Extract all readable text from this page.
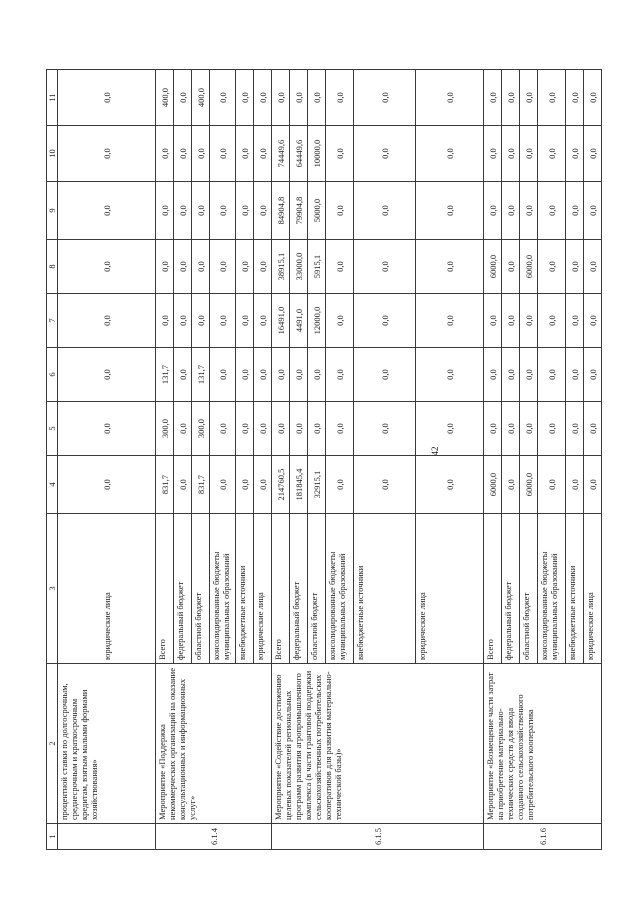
42
1	2	3	4	5	6	7	8	9	10	11
	процентной ставки по долгосрочным, среднесрочным и краткосрочным кредитам, взятым малыми формами хозяйствования»	юридические лица	0,0	0,0	0,0	0,0	0,0	0,0	0,0	0,0
6.1.4	Мероприятие «Поддержка некоммерческих организаций на оказание консультационных и информационных услуг»	Всего	831,7	300,0	131,7	0,0	0,0	0,0	0,0	400,0
		федеральный бюджет	0,0	0,0	0,0	0,0	0,0	0,0	0,0	0,0
		областной бюджет	831,7	300,0	131,7	0,0	0,0	0,0	0,0	400,0
		консолидированные бюджеты муниципальных образований	0,0	0,0	0,0	0,0	0,0	0,0	0,0	0,0
		внебюджетные источники	0,0	0,0	0,0	0,0	0,0	0,0	0,0	0,0
		юридические лица	0,0	0,0	0,0	0,0	0,0	0,0	0,0	0,0
6.1.5	Мероприятие «Содействие достижению целевых показателей региональных программ развития агропромышленного комплекса (в части грантовой поддержки сельскохозяйственных потребительских кооперативов для развития материально-технической базы)»	Всего	214760,5	0,0	0,0	16491,0	38915,1	84904,8	74449,6	0,0
		федеральный бюджет	181845,4	0,0	0,0	4491,0	33000,0	79904,8	64449,6	0,0
		областной бюджет	32915,1	0,0	0,0	12000,0	5915,1	5000,0	10000,0	0,0
		консолидированные бюджеты муниципальных образований	0,0	0,0	0,0	0,0	0,0	0,0	0,0	0,0
		внебюджетные источники	0,0	0,0	0,0	0,0	0,0	0,0	0,0	0,0
		юридические лица	0,0	0,0	0,0	0,0	0,0	0,0	0,0	0,0
6.1.6	Мероприятие «Возмещение части затрат на приобретение материально-технических средств для ввода созданного сельскохозяйственного потребительского кооператива	Всего	6000,0	0,0	0,0	0,0	6000,0	0,0	0,0	0,0
		федеральный бюджет	0,0	0,0	0,0	0,0	0,0	0,0	0,0	0,0
		областной бюджет	6000,0	0,0	0,0	0,0	6000,0	0,0	0,0	0,0
		консолидированные бюджеты муниципальных образований	0,0	0,0	0,0	0,0	0,0	0,0	0,0	0,0
		внебюджетные источники	0,0	0,0	0,0	0,0	0,0	0,0	0,0	0,0
		юридические лица	0,0	0,0	0,0	0,0	0,0	0,0	0,0	0,0
